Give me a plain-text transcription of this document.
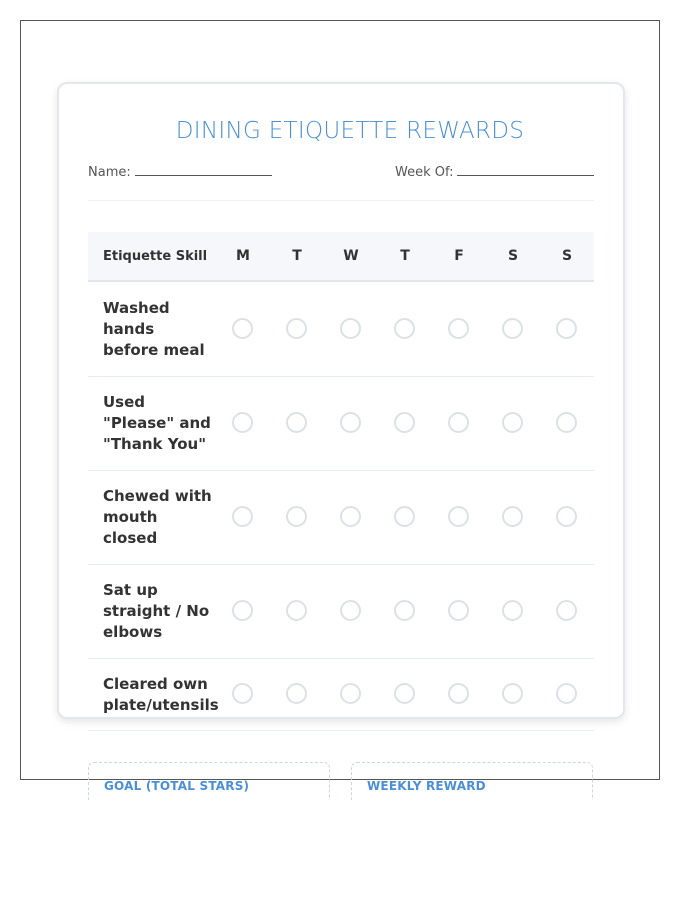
DINING ETIQUETTE REWARDS
Name:	Week Of:
Etiquette Skill	M	T	W	T	F	S	S
Washed hands before meal
Used "Please" and "Thank You"
Chewed with mouth closed
Sat up straight / No elbows
Cleared own plate/utensils
GOAL (TOTAL STARS)	WEEKLY REWARD
